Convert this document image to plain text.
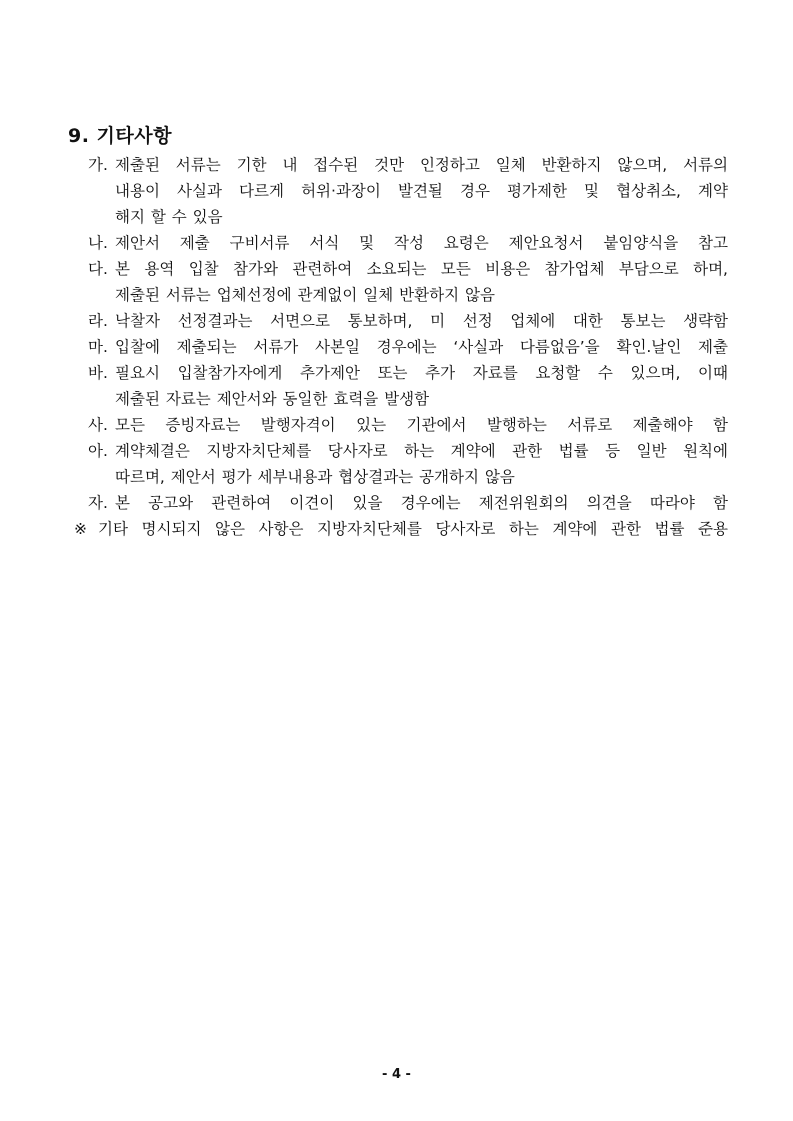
9. 기타사항
가. 제출된 서류는 기한 내 접수된 것만 인정하고 일체 반환하지 않으며, 서류의
내용이 사실과 다르게 허위·과장이 발견될 경우 평가제한 및 협상취소, 계약
해지 할 수 있음
나. 제안서 제출 구비서류 서식 및 작성 요령은 제안요청서 붙임양식을 참고
다. 본 용역 입찰 참가와 관련하여 소요되는 모든 비용은 참가업체 부담으로 하며,
제출된 서류는 업체선정에 관계없이 일체 반환하지 않음
라. 낙찰자 선정결과는 서면으로 통보하며, 미 선정 업체에 대한 통보는 생략함
마. 입찰에 제출되는 서류가 사본일 경우에는 ‘사실과 다름없음’을 확인.날인 제출
바. 필요시 입찰참가자에게 추가제안 또는 추가 자료를 요청할 수 있으며, 이때
제출된 자료는 제안서와 동일한 효력을 발생함
사. 모든 증빙자료는 발행자격이 있는 기관에서 발행하는 서류로 제출해야 함
아. 계약체결은 지방자치단체를 당사자로 하는 계약에 관한 법률 등 일반 원칙에
따르며, 제안서 평가 세부내용과 협상결과는 공개하지 않음
자. 본 공고와 관련하여 이견이 있을 경우에는 제전위원회의 의견을 따라야 함
※ 기타 명시되지 않은 사항은 지방자치단체를 당사자로 하는 계약에 관한 법률 준용
- 4 -
